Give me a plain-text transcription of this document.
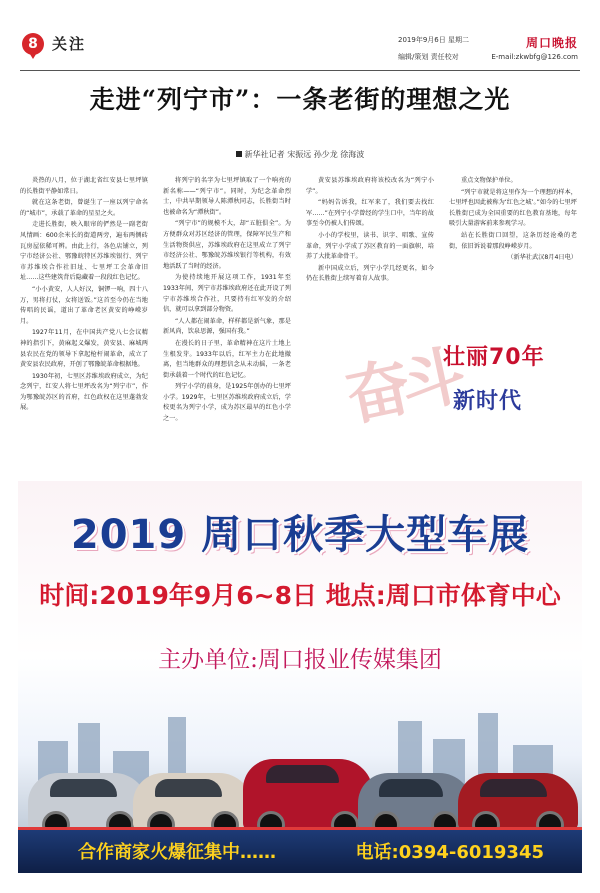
8 关注	2019年9月6日 星期二	周口晚报
编辑/策划 责任校对	E-mail:zkwbfg@126.com
走进“列宁市”：一条老街的理想之光
新华社记者 宋振远 孙少龙 徐海波

炎热的八月，位于湖北省红安县七里坪镇的长胜街平静如常日。

就在这条老街，曾诞生了一座以列宁命名的“城市”，承载了革命的星星之火。

走进长胜街，映入眼帘的俨然是一副老街风情画：600余米长的街道两旁，遍布两侧砖瓦房屋依稀可辨。由此上行，各色店铺立，列宁市经济公社、鄂豫皖特区苏维埃银行、列宁市苏维埃合作社旧址、七里坪工会革命旧址……这些建筑背后隐藏着一段段红色记忆。

“小小黄安，人人好汉，铜锣一响，四十八万，男将打仗，女将送饭。”这首至今仍在当地传唱的民谣，道出了革命老区黄安的峥嵘岁月。

1927年11月，在中国共产党八七会议精神的指引下，黄麻起义爆发，黄安县、麻城两县农民在党的领导下拿起枪杆闹革命，成立了黄安县农民政府，开创了鄂豫皖革命根据地。

1930年初，七里区苏维埃政府成立，为纪念列宁，红安人将七里坪改名为“列宁市”，作为鄂豫皖苏区的首府，红色政权在这里蓬勃发展。

将列宁的名字为七里坪镇取了一个响亮的新名称——“列宁市”。同时，为纪念革命烈士，中共早期领导人陈潭秋同志，长胜街当时也被命名为“潭秋街”。

“列宁市”的规模不大，却“五脏俱全”。为方便群众对苏区经济的管理，保障军民生产和生活物资供应，苏维埃政府在这里成立了列宁市经济公社、鄂豫皖苏维埃银行等机构，有效地活跃了当时的经济。

为使持续地开展这项工作，1931年至1933年间，列宁市苏维埃政府还在此开设了列宁市苏维埃合作社，只要持有红军发的介绍信，就可以拿到部分物资。

“人人都在闹革命，样样都是新气象，那是新风尚，饮泉思源，强国有我。”

在漫长的日子里，革命精神在这片土地上生根发芽。1933年以后，红军主力在此地撤离，但当地群众的理想信念从未动摇，一条老街承载着一个时代的红色记忆。

列宁小学的前身，是1925年创办的七里坪小学。1929年，七里区苏维埃政府成立后，学校更名为列宁小学，成为苏区最早的红色小学之一。

黄安县苏维埃政府将该校改名为“列宁小学”。

“妈妈告诉我，红军来了，我们要去找红军……”在列宁小学曾经的学生口中，当年的故事至今仍被人们传颂。

小小的学校里，读书、识字、唱歌、宣传革命，列宁小学成了苏区教育的一面旗帜，培养了大批革命骨干。

新中国成立后，列宁小学几经更名，如今仍在长胜街上续写着育人故事。

重点文物保护单位。

“列宁市就是将这里作为一个理想的样本，七里坪也因此被称为‘红色之城’。”如今的七里坪长胜街已成为全国重要的红色教育基地，每年吸引大量游客前来参观学习。

站在长胜街口回望，这条历经沧桑的老街，依旧诉说着那段峥嵘岁月。

（新华社武汉8月4日电）

奋斗
壮丽70年
新时代
2019 周口秋季大型车展
时间:2019年9月6~8日 地点:周口市体育中心
主办单位:周口报业传媒集团
合作商家火爆征集中……	电话:0394-6019345
